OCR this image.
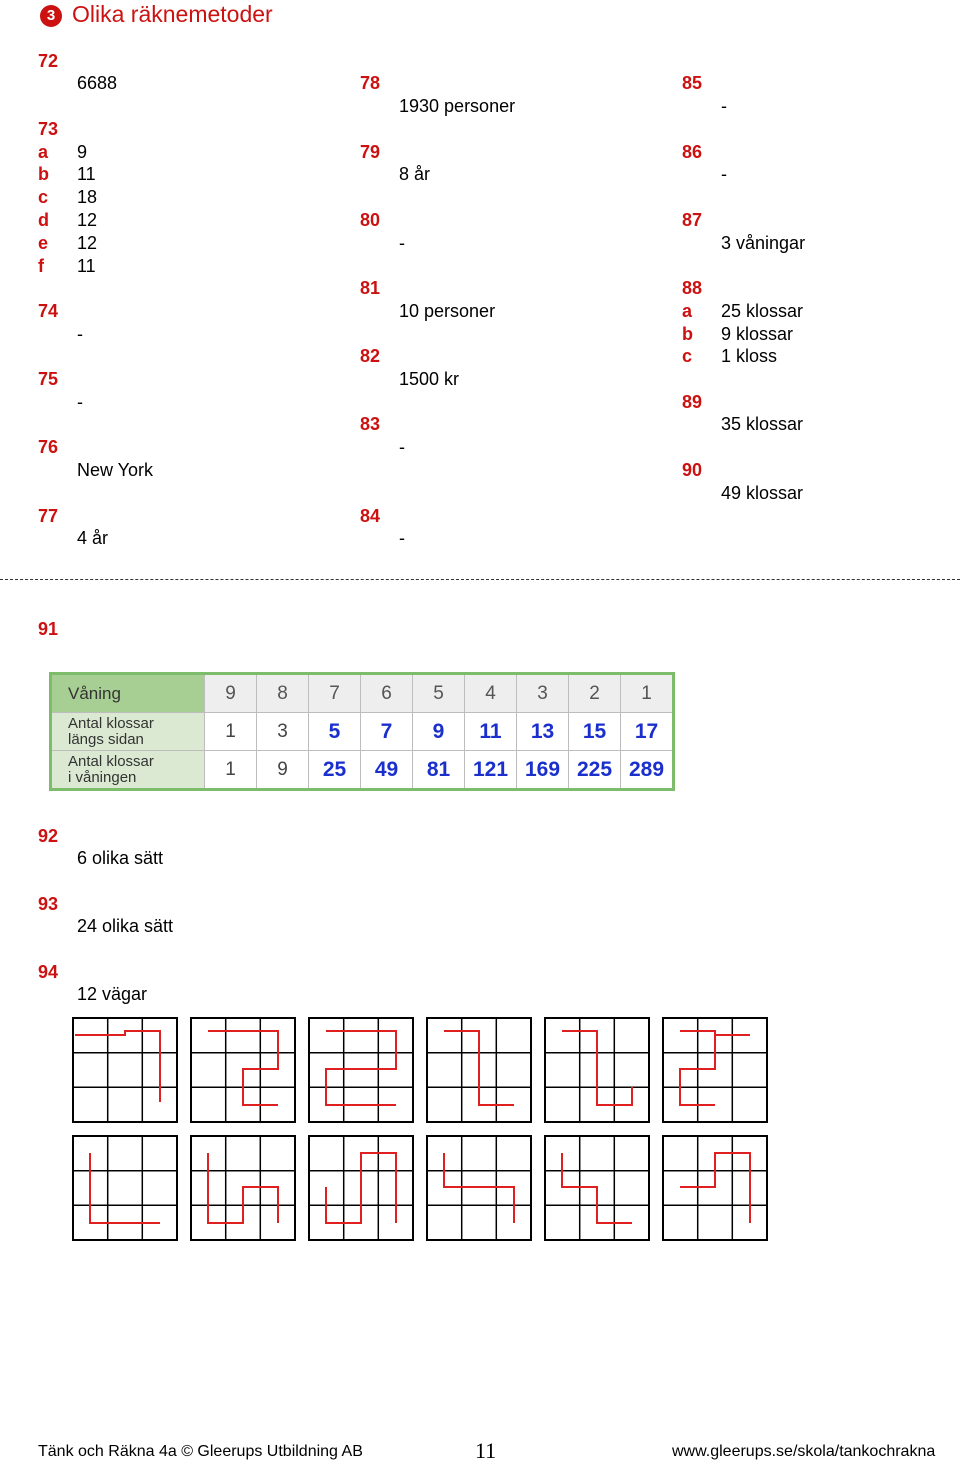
3 Olika räknemetoder
72
6688
73
a 9
b 11
c 18
d 12
e 12
f 11
74
-
75
-
76
New York
77
4 år
78
1930 personer
79
8 år
80
-
81
10 personer
82
1500 kr
83
-
84
-
85
-
86
-
87
3 våningar
88
a 25 klossar
b 9 klossar
c 1 kloss
89
35 klossar
90
49 klossar
91
Våning	9	8	7	6	5	4	3	2	1
Antal klossar
längs sidan	1	3	5	7	9	11	13	15	17
Antal klossar
i våningen	1	9	25	49	81	121	169	225	289
92
6 olika sätt
93
24 olika sätt
94
12 vägar
Tänk och Räkna 4a © Gleerups Utbildning AB	11	www.gleerups.se/skola/tankochrakna
